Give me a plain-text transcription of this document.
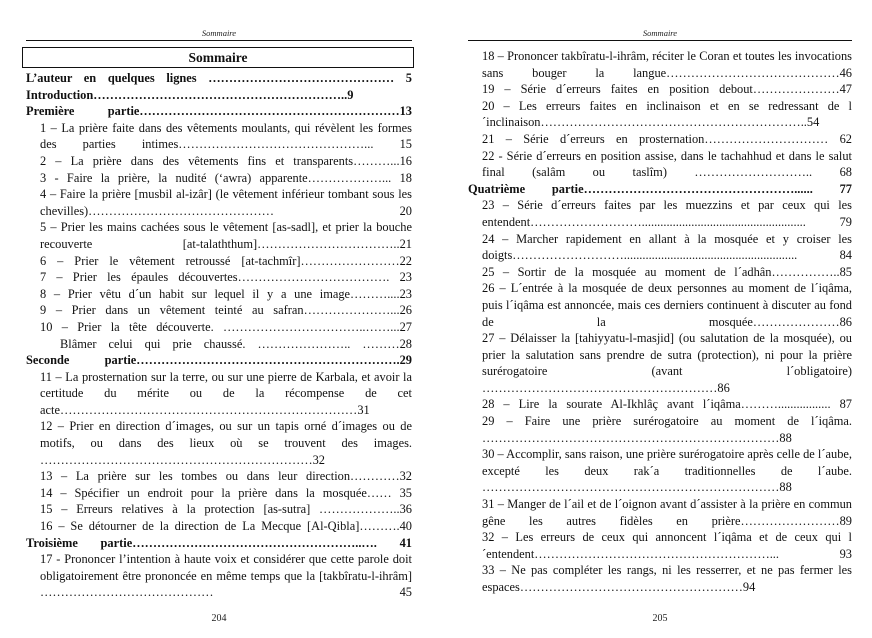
Sommaire
Sommaire
L’auteur en quelques lignes ……………………………………… 5
Introduction……………………………………………………..9
Première partie………………………………………………………13
1 – La prière faite dans des vêtements moulants, qui révèlent les formes des parties intimes………………………………………... 15
2 – La prière dans des vêtements fins et transparents………...16
3 - Faire la prière, la nudité (‘awra) apparente………………... 18
4 – Faire la prière [musbil al-izâr] (le vêtement inférieur tombant sous les chevilles)……………………………………… 20
5 – Prier les mains cachées sous le vêtement [as-sadl], et prier la bouche recouverte [at-talaththum]……………………………..21
6 – Prier le vêtement retroussé [at-tachmîr]……………………22
7 – Prier les épaules découvertes………………………………. 23
8 – Prier vêtu d´un habit sur lequel il y a une image………....23
9 – Prier dans un vêtement teinté au safran…………………...26
10 – Prier la tête découverte. ……………………………..……...27
Blâmer celui qui prie chaussé. ………………….. ………28
Seconde partie……………………………………………………….29
11 – La prosternation sur la terre, ou sur une pierre de Karbala, et avoir la certitude du mérite ou de la récompense de cet acte………………………………………………………………31
12 – Prier en direction d´images, ou sur un tapis orné d´images ou de motifs, ou dans des lieux où se trouvent des images. …………………………………………………………32
13 – La prière sur les tombes ou dans leur direction…………32
14 – Spécifier un endroit pour la prière dans la mosquée…… 35
15 – Erreurs relatives à la protection [as-sutra] ………………..36
16 – Se détourner de la direction de La Mecque [Al-Qibla]……….40
Troisième partie………………………………………………..…. 41
17 - Prononcer l’intention à haute voix et considérer que cette parole doit obligatoirement être prononcée en même temps que la [takbîratu-l-ihrâm] …………………………………… 45
204
Sommaire
18 – Prononcer takbîratu-l-ihrâm, réciter le Coran et toutes les invocations sans bouger la langue……………………………………46
19 – Série d´erreurs faites en position debout…………………47
20 – Les erreurs faites en inclinaison et en se redressant de l´inclinaison………………………………………………………..54
21 – Série d´erreurs en prosternation………………………… 62
22 - Série d´erreurs en position assise, dans le tachahhud et dans le salut final (salâm ou taslîm) ……………………….. 68
Quatrième partie……………………………………………...... 77
23 – Série d´erreurs faites par les muezzins et par ceux qui les entendent………………………..................................................... 79
24 – Marcher rapidement en allant à la mosquée et y croiser les doigts………………………........................................................ 84
25 – Sortir de la mosquée au moment de l´adhân……………..85
26 – L´entrée à la mosquée de deux personnes au moment de l´iqâma, puis l´iqâma est annoncée, mais ces derniers continuent à discuter au fond de la mosquée…………………86
27 – Délaisser la [tahiyyatu-l-masjid] (ou salutation de la mosquée), ou prier la salutation sans prendre de sutra (protection), ni pour la prière surérogatoire (avant l´obligatoire) …………………………………………………86
28 – Lire la sourate Al-Ikhlâç avant l´iqâma………................. 87
29 – Faire une prière surérogatoire au moment de l´iqâma. ………………………………………………………………88
30 – Accomplir, sans raison, une prière surérogatoire après celle de l´aube, excepté les deux rak´a traditionnelles de l´aube. ………………………………………………………………88
31 – Manger de l´ail et de l´oignon avant d´assister à la prière en commun gêne les autres fidèles en prière……………………89
32 – Les erreurs de ceux qui annoncent l´iqâma et de ceux qui l´entendent…………………………………………………... 93
33 – Ne pas compléter les rangs, ni les resserrer, et ne pas fermer les espaces………………………………………………94
205
